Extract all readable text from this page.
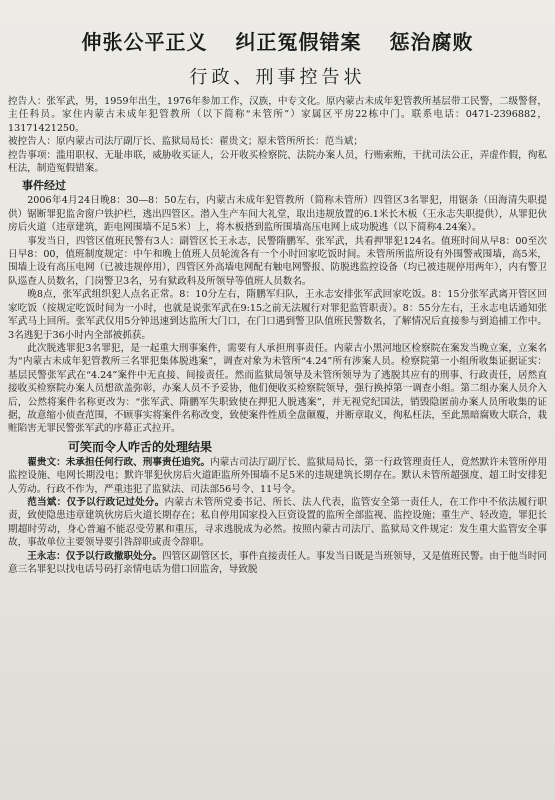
伸张公平正义 纠正冤假错案 惩治腐败
行政、刑事控告状

控告人：张军武，男，1959年出生，1976年参加工作，汉族，中专文化。原内蒙古未成年犯管教所基层带工民警，二级警督，主任科员。家住内蒙古未成年犯管教所（以下简称“未管所”）家属区平房22栋中门。联系电话：0471-2396882，13171421250。

被控告人：原内蒙古司法厅副厅长、监狱局局长：翟贵文；原未管所所长：范当斌；

控告事项：滥用职权、无耻串联，威胁收买证人，公开收买检察院、法院办案人员，行贿索贿，干扰司法公正，弄虚作假，徇私枉法，制造冤假错案。

事件经过

2006年4月24日晚8：30—8：50左右，内蒙古未成年犯管教所（简称未管所）四管区3名罪犯，用锯条（田海清失职提供）锯断罪犯监舍窗户铁护栏，逃出四管区。潜入生产车间大礼堂，取出违规放置的6.1米长木板（王永志失职提供），从罪犯伙房后火道（违章建筑，距电网围墙不足5米）上，将木板搭到监所围墙高压电网上成功脱逃（以下简称4.24案）。

事发当日，四管区值班民警有3人：副管区长王永志，民警隋鹏军、张军武，共看押罪犯124名。值班时间从早8：00至次日早8：00，值班制度规定：中午和晚上值班人员轮流各有一个小时回家吃饭时间。未管所所监所设有外围警戒围墙，高5米，围墙上设有高压电网（已被违规停用），四管区外高墙电网配有触电网警报、防脱逃监控设备（均已被违规停用两年），内有警卫队巡查人员数名，门岗警卫3名，另有狱政科及所领导等值班人员数名。

晚8点，张军武组织犯人点名正常。8：10分左右，隋鹏军归队，王永志安排张军武回家吃饭。8：15分张军武离开管区回家吃饭（按规定吃饭时间为一小时，也就是说张军武在9:15之前无法履行对罪犯监管职责）。8：55分左右，王永志电话通知张军武马上回所。张军武仅用5分钟迅速到达监所大门口，在门口遇到警卫队值班民警数名，了解情况后直接参与到追捕工作中。3名逃犯于36小时内全部被抓获。

此次脱逃罪犯3名罪犯，是一起重大刑事案件，需要有人承担刑事责任。内蒙古小黑河地区检察院在案发当晚立案，立案名为“内蒙古未成年犯管教所三名罪犯集体脱逃案”，调查对象为未管所“4.24”所有涉案人员。检察院第一小组所收集证据证实：基层民警张军武在“4.24”案件中无直接、间接责任。然而监狱局领导及未管所领导为了逃脱其应有的刑事、行政责任，居然直接收买检察院办案人员想欲盖弥彰，办案人员不予妥协，他们便收买检察院领导，强行换掉第一调查小组。第二组办案人员介入后，公然将案件名称更改为：“张军武、隋鹏军失职致使在押犯人脱逃案”，并无视党纪国法，销毁隐匿前办案人员所收集的证据，故意缩小侦查范围，不顾事实将案件名称改变，致使案件性质全盘颠覆，并断章取义，徇私枉法，至此黑暗腐败大联合，栽赃陷害无罪民警张军武的序幕正式拉开。

可笑而令人咋舌的处理结果

翟贵文：未承担任何行政、刑事责任追究。内蒙古司法厅副厅长、监狱局局长，第一行政管理责任人，竟然默许未管所停用监控设施、电网长期没电；默许罪犯伙房后火道距监所外围墙不足5米的违规建筑长期存在。默认未管所超强度、超工时安排犯人劳动。行政不作为，严重违犯了监狱法、司法部56号令、11号令。

范当斌：仅予以行政记过处分。内蒙古未管所党委书记、所长、法人代表，监管安全第一责任人，在工作中不依法履行职责，致使隐患违章建筑伙房后火道长期存在；私自停用国家投入巨资设置的监所全部监视、监控设施；重生产、轻改造，罪犯长期超时劳动，身心普遍不能忍受劳累和重压，寻求逃脱成为必然。按照内蒙古司法厅、监狱局文件规定：发生重大监管安全事故，事故单位主要领导要引咎辞职或责令辞职。

王永志：仅予以行政撤职处分。四管区副管区长，事件直接责任人。事发当日既是当班领导，又是值班民警。由于他当时同意三名罪犯以找电话号码打亲情电话为借口回监舍，导致脱
